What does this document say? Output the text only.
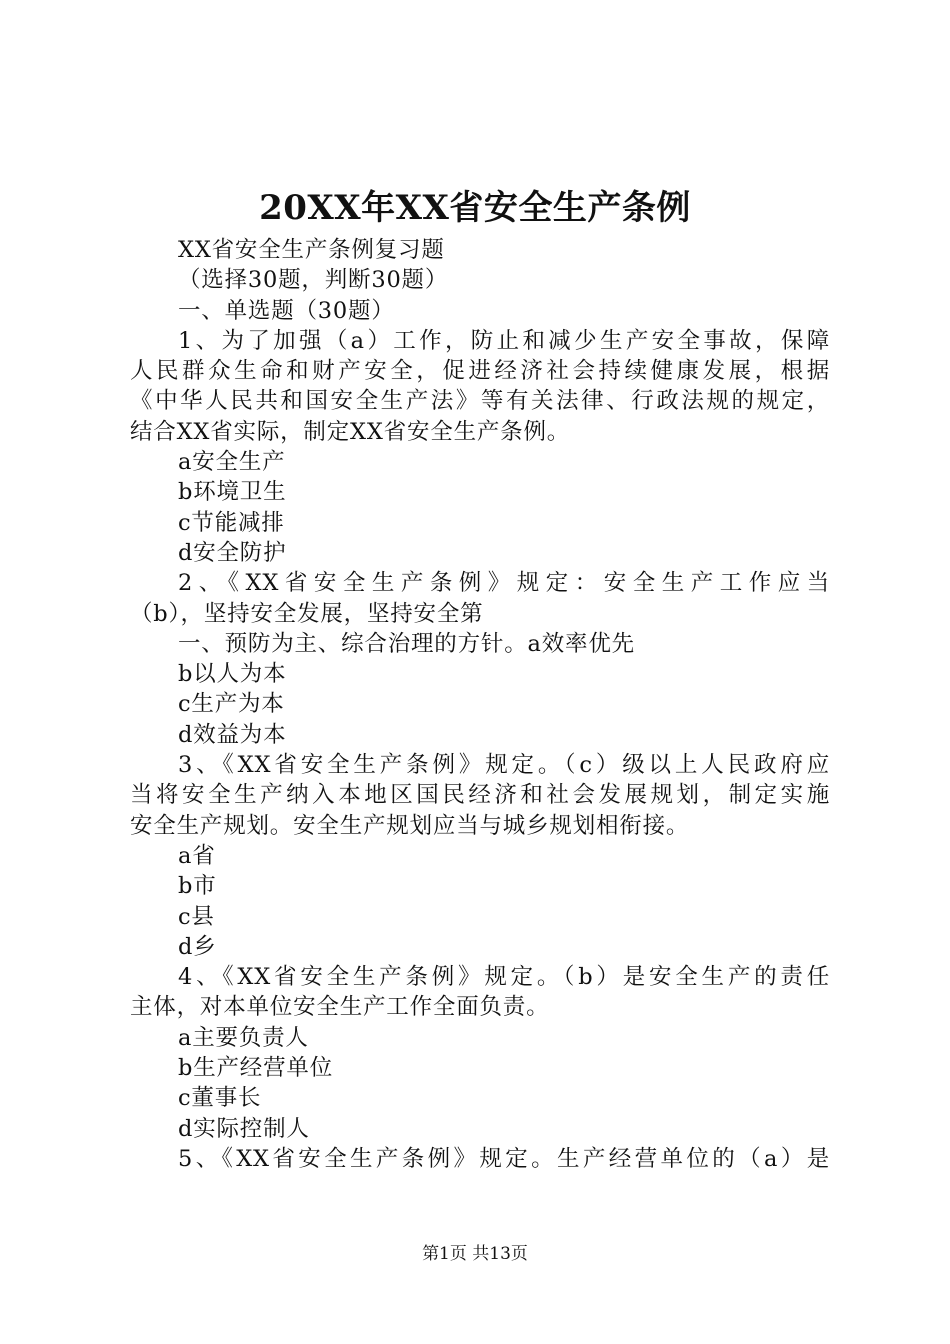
20XX年XX省安全生产条例
XX省安全生产条例复习题
（选择30题，判断30题）
一、单选题（30题）
1、为了加强（a）工作，防止和减少生产安全事故，保障
人民群众生命和财产安全，促进经济社会持续健康发展，根据
《中华人民共和国安全生产法》等有关法律、行政法规的规定，
结合XX省实际，制定XX省安全生产条例。
a安全生产
b环境卫生
c节能减排
d安全防护
2、《XX省安全生产条例》规定：安全生产工作应当
（b），坚持安全发展，坚持安全第
一、预防为主、综合治理的方针。a效率优先
b以人为本
c生产为本
d效益为本
3、《XX省安全生产条例》规定。（c）级以上人民政府应
当将安全生产纳入本地区国民经济和社会发展规划，制定实施
安全生产规划。安全生产规划应当与城乡规划相衔接。
a省
b市
c县
d乡
4、《XX省安全生产条例》规定。（b）是安全生产的责任
主体，对本单位安全生产工作全面负责。
a主要负责人
b生产经营单位
c董事长
d实际控制人
5、《XX省安全生产条例》规定。生产经营单位的（a）是
第1页 共13页
